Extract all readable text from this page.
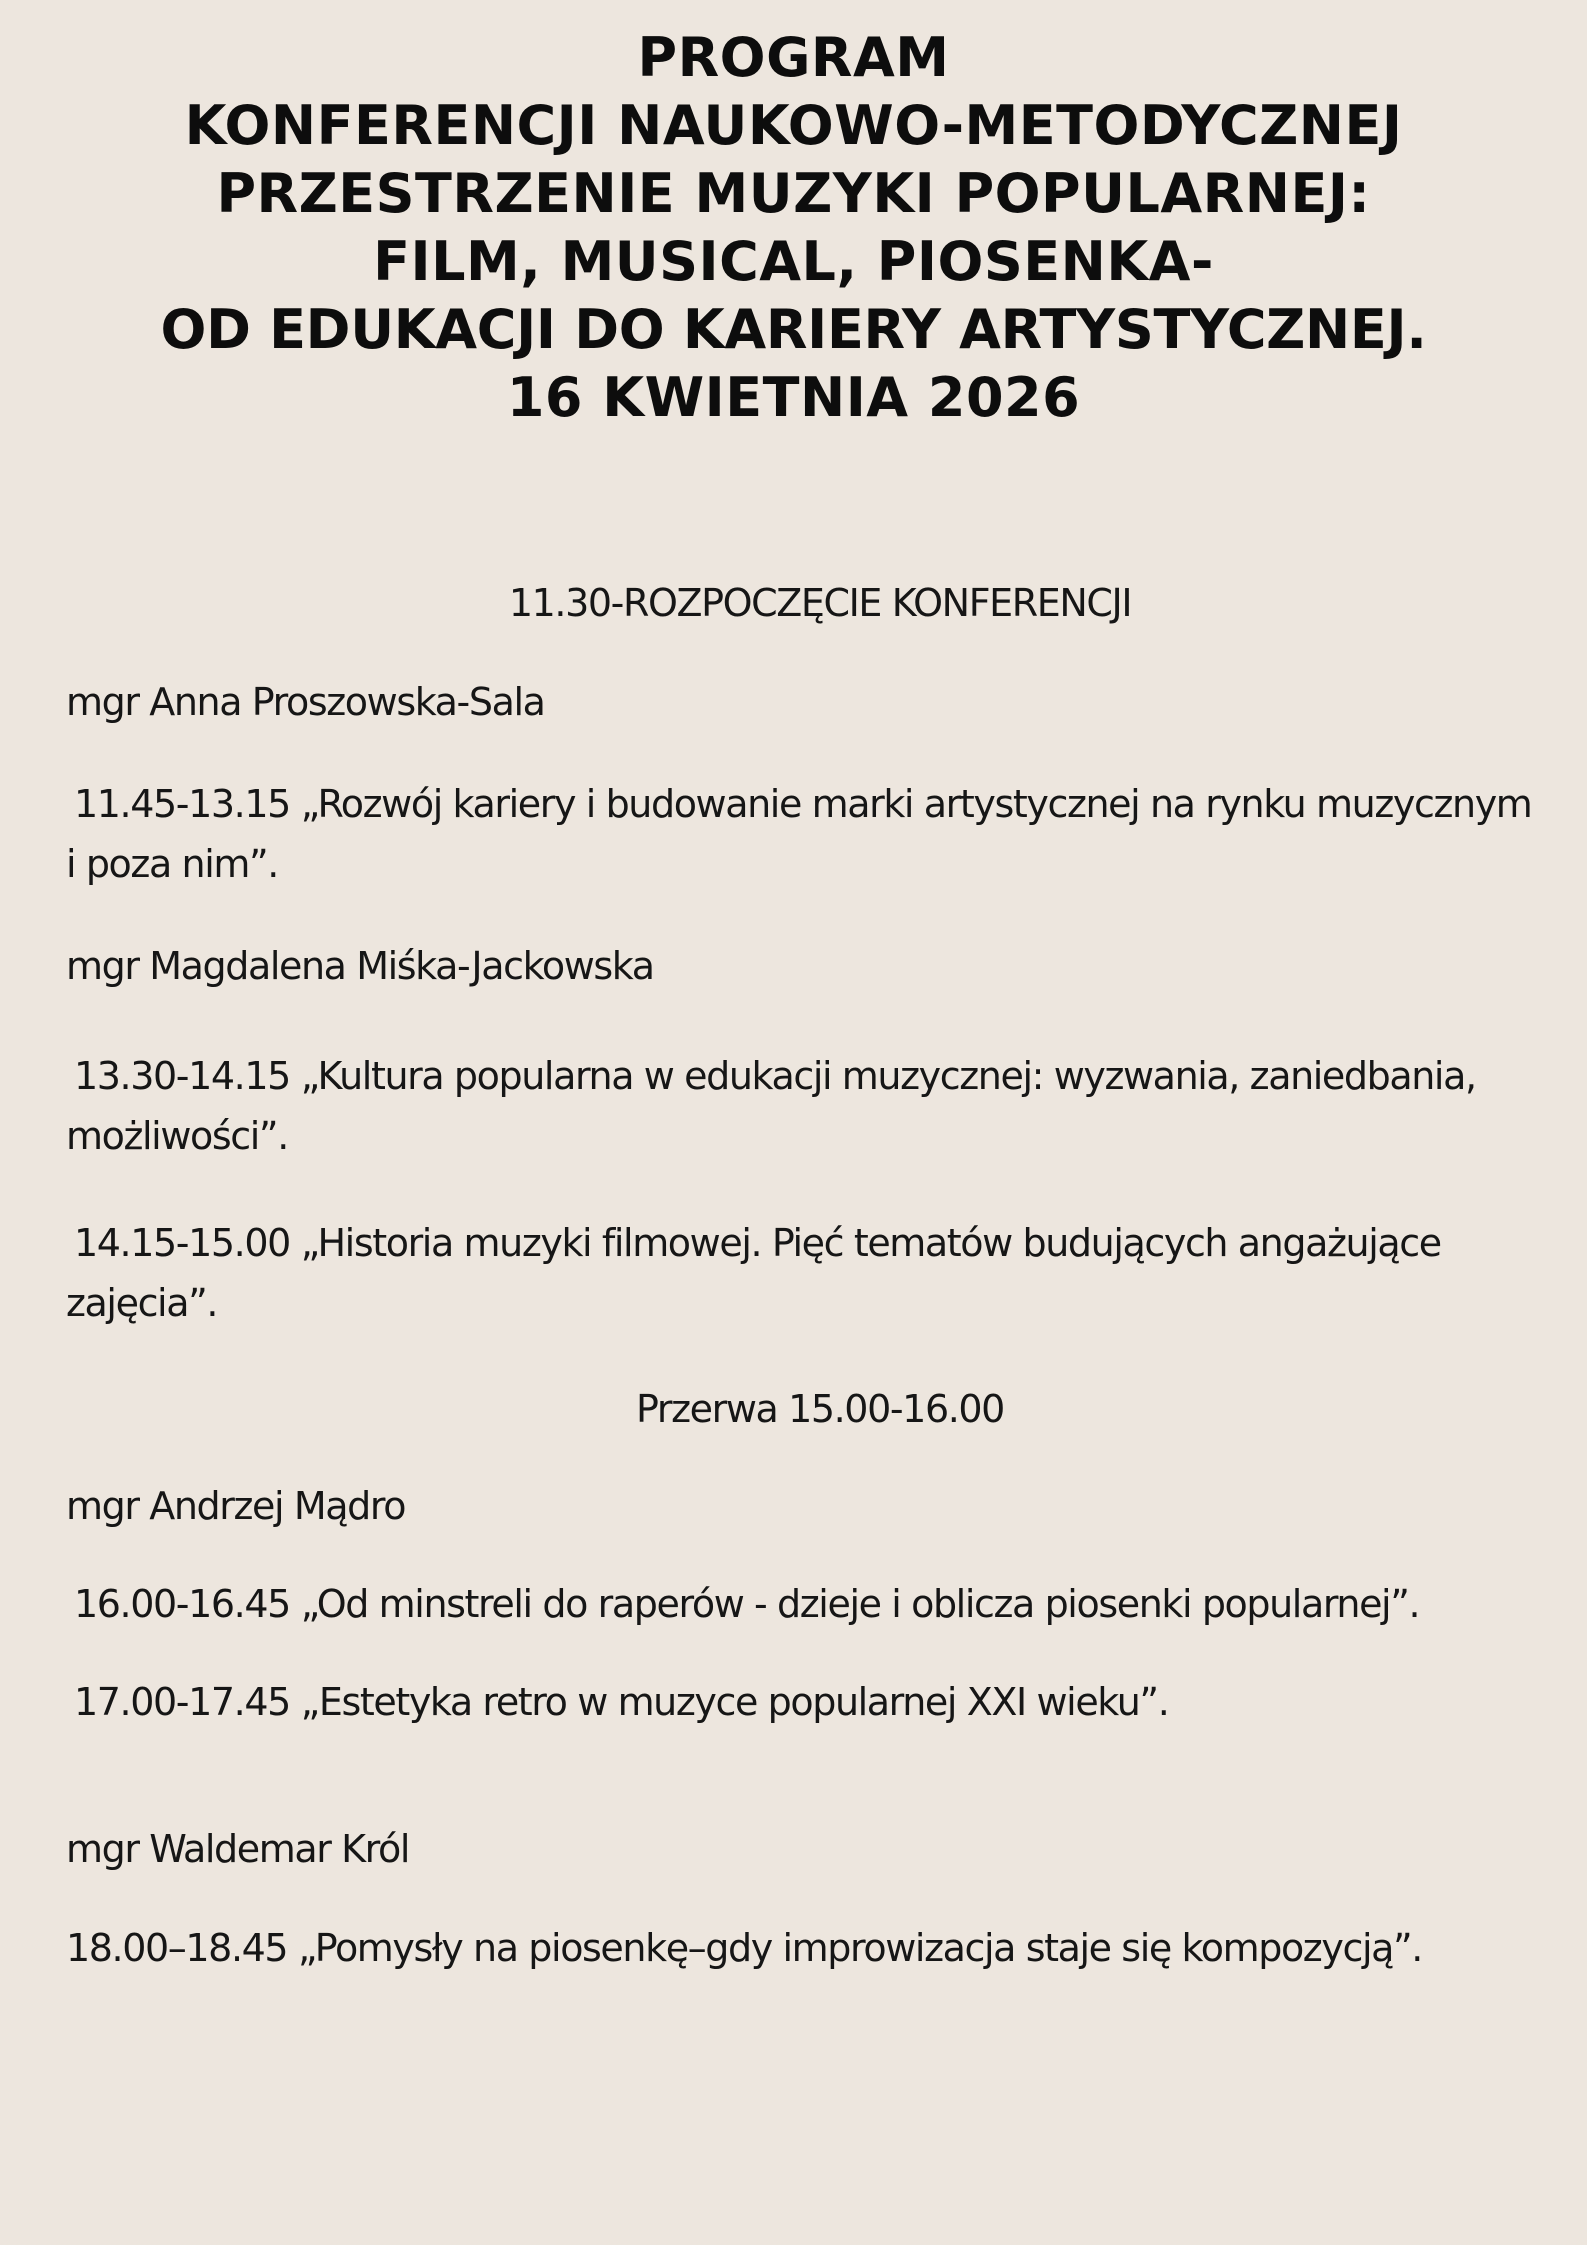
PROGRAM
KONFERENCJI NAUKOWO-METODYCZNEJ
PRZESTRZENIE MUZYKI POPULARNEJ:
FILM, MUSICAL, PIOSENKA-
OD EDUKACJI DO KARIERY ARTYSTYCZNEJ.
16 KWIETNIA 2026
11.30-ROZPOCZĘCIE KONFERENCJI
mgr Anna Proszowska-Sala
11.45-13.15 „Rozwój kariery i budowanie marki artystycznej na rynku muzycznym
i poza nim”.
mgr Magdalena Miśka-Jackowska
13.30-14.15 „Kultura popularna w edukacji muzycznej: wyzwania, zaniedbania,
możliwości”.
14.15-15.00 „Historia muzyki filmowej. Pięć tematów budujących angażujące
zajęcia”.
Przerwa 15.00-16.00
mgr Andrzej Mądro
16.00-16.45 „Od minstreli do raperów - dzieje i oblicza piosenki popularnej”.
17.00-17.45 „Estetyka retro w muzyce popularnej XXI wieku”.
mgr Waldemar Król
18.00–18.45 „Pomysły na piosenkę–gdy improwizacja staje się kompozycją”.
